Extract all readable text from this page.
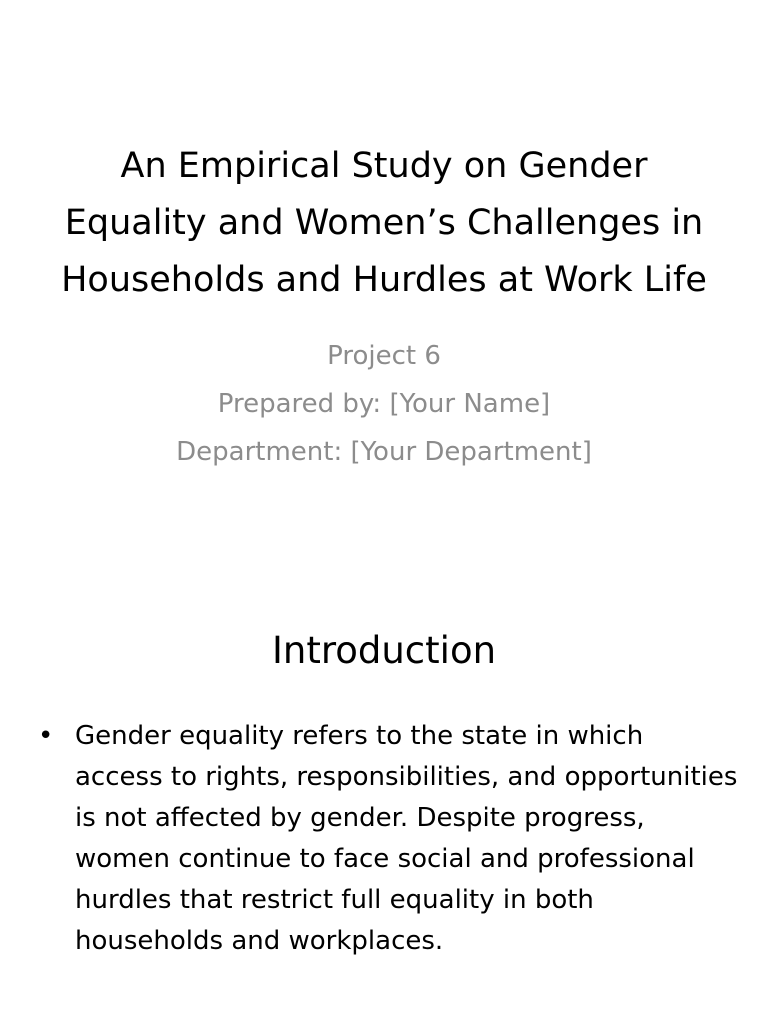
An Empirical Study on Gender Equality and Women’s Challenges in Households and Hurdles at Work Life
Project 6
Prepared by: [Your Name]
Department: [Your Department]
Introduction
• Gender equality refers to the state in which access to rights, responsibilities, and opportunities is not affected by gender. Despite progress, women continue to face social and professional hurdles that restrict full equality in both households and workplaces.
